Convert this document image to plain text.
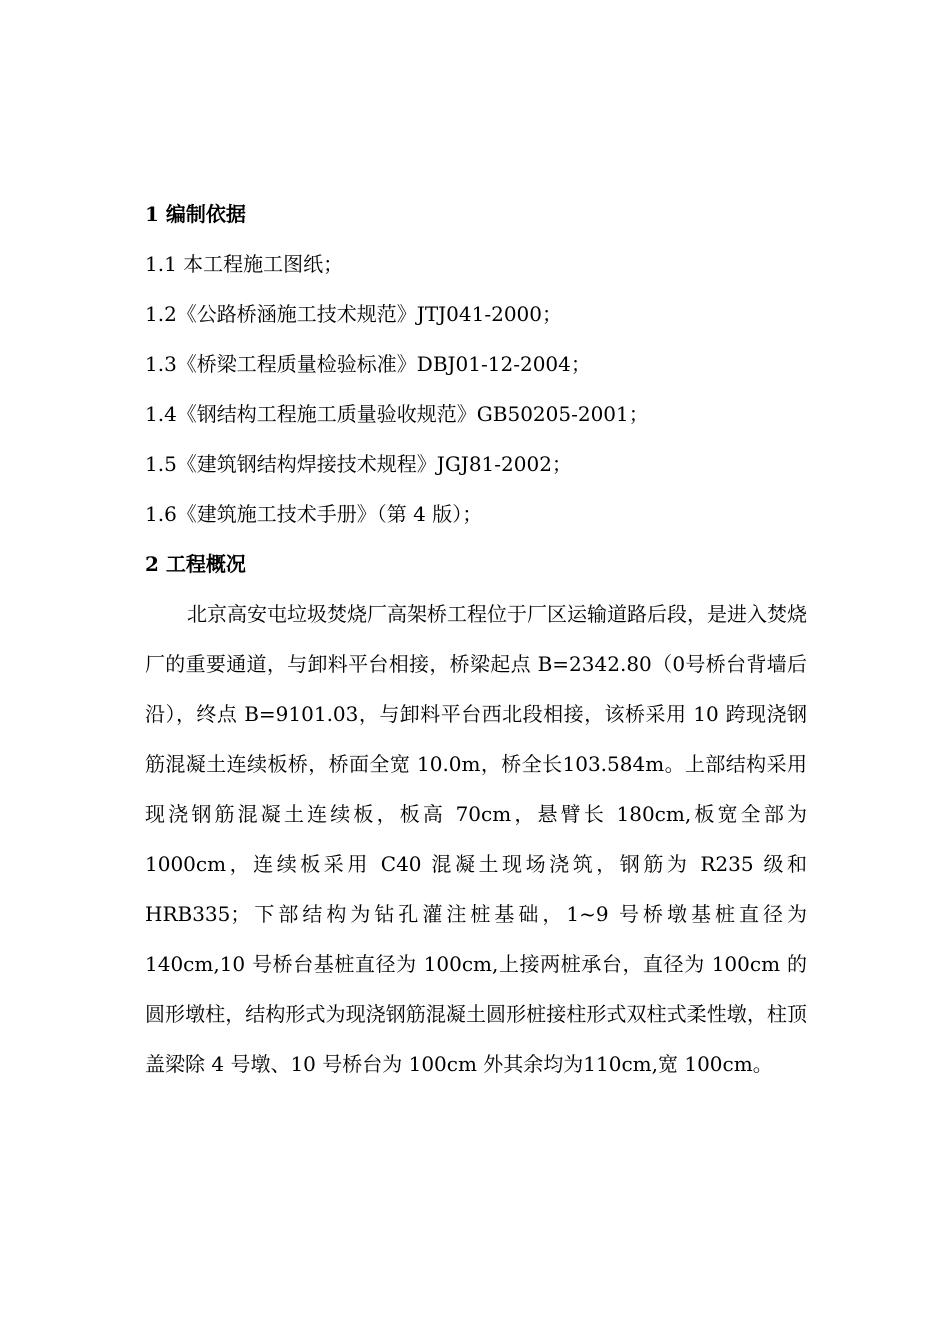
1 编制依据
1.1 本工程施工图纸；
1.2《公路桥涵施工技术规范》JTJ041-2000；
1.3《桥梁工程质量检验标准》DBJ01-12-2004；
1.4《钢结构工程施工质量验收规范》GB50205-2001；
1.5《建筑钢结构焊接技术规程》JGJ81-2002；
1.6《建筑施工技术手册》（第 4 版）；
2 工程概况
北京高安屯垃圾焚烧厂高架桥工程位于厂区运输道路后段，是进入焚烧厂的重要通道，与卸料平台相接，桥梁起点 B=2342.80（0号桥台背墙后沿），终点 B=9101.03，与卸料平台西北段相接，该桥采用 10 跨现浇钢筋混凝土连续板桥，桥面全宽 10.0m，桥全长103.584m。上部结构采用现浇钢筋混凝土连续板，板高 70cm，悬臂长 180cm,板宽全部为 1000cm，连续板采用 C40 混凝土现场浇筑，钢筋为 R235 级和 HRB335；下部结构为钻孔灌注桩基础，1~9 号桥墩基桩直径为 140cm,10 号桥台基桩直径为 100cm,上接两桩承台，直径为 100cm 的圆形墩柱，结构形式为现浇钢筋混凝土圆形桩接柱形式双柱式柔性墩，柱顶盖梁除 4 号墩、10 号桥台为 100cm 外其余均为110cm,宽 100cm。
